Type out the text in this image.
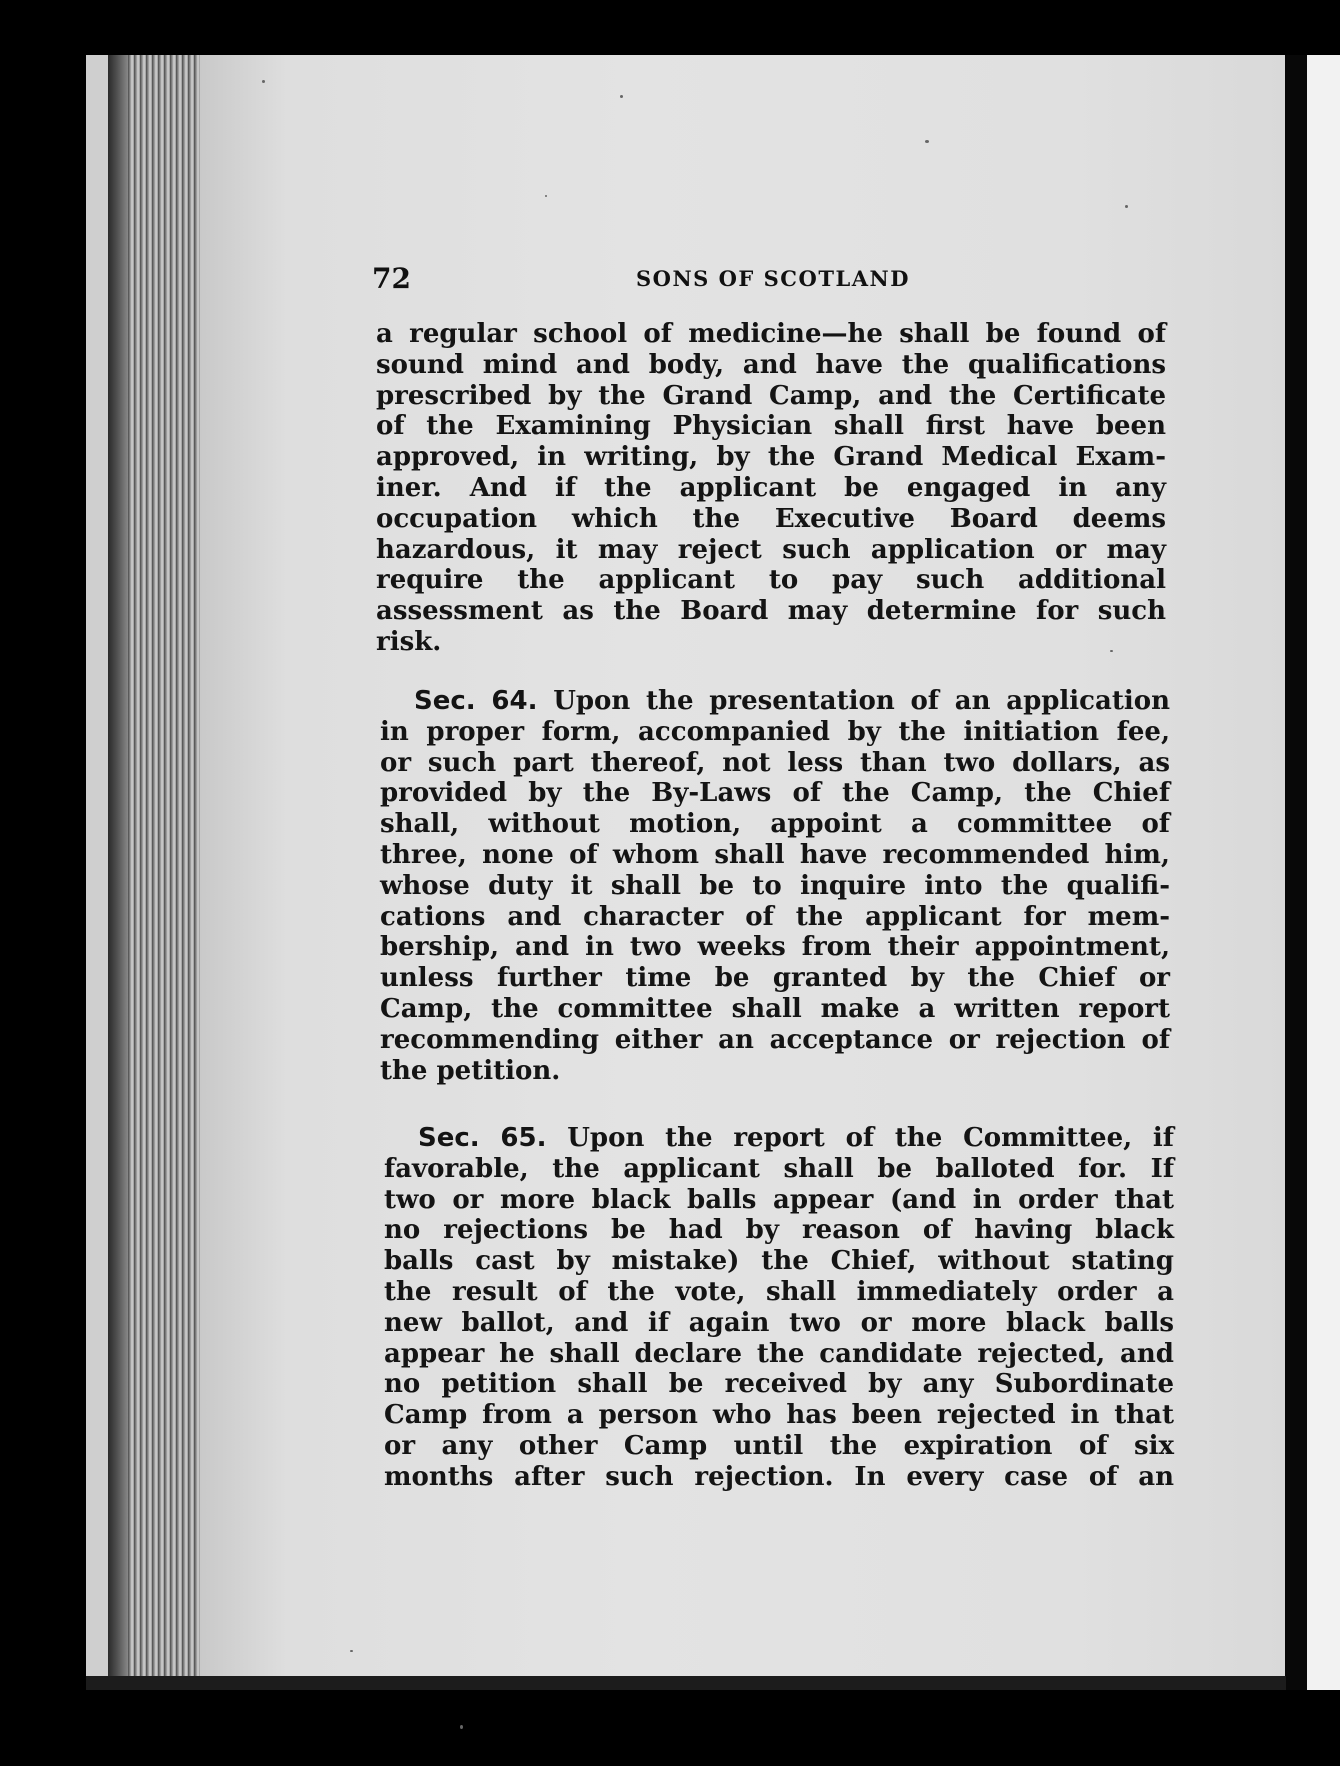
72	SONS OF SCOTLAND
a regular school of medicine—he shall be found of
sound mind and body, and have the qualifications
prescribed by the Grand Camp, and the Certificate
of the Examining Physician shall first have been
approved, in writing, by the Grand Medical Exam-
iner. And if the applicant be engaged in any
occupation which the Executive Board deems
hazardous, it may reject such application or may
require the applicant to pay such additional
assessment as the Board may determine for such
risk.
Sec. 64. Upon the presentation of an application
in proper form, accompanied by the initiation fee,
or such part thereof, not less than two dollars, as
provided by the By-Laws of the Camp, the Chief
shall, without motion, appoint a committee of
three, none of whom shall have recommended him,
whose duty it shall be to inquire into the qualifi-
cations and character of the applicant for mem-
bership, and in two weeks from their appointment,
unless further time be granted by the Chief or
Camp, the committee shall make a written report
recommending either an acceptance or rejection of
the petition.
Sec. 65. Upon the report of the Committee, if
favorable, the applicant shall be balloted for. If
two or more black balls appear (and in order that
no rejections be had by reason of having black
balls cast by mistake) the Chief, without stating
the result of the vote, shall immediately order a
new ballot, and if again two or more black balls
appear he shall declare the candidate rejected, and
no petition shall be received by any Subordinate
Camp from a person who has been rejected in that
or any other Camp until the expiration of six
months after such rejection. In every case of an
